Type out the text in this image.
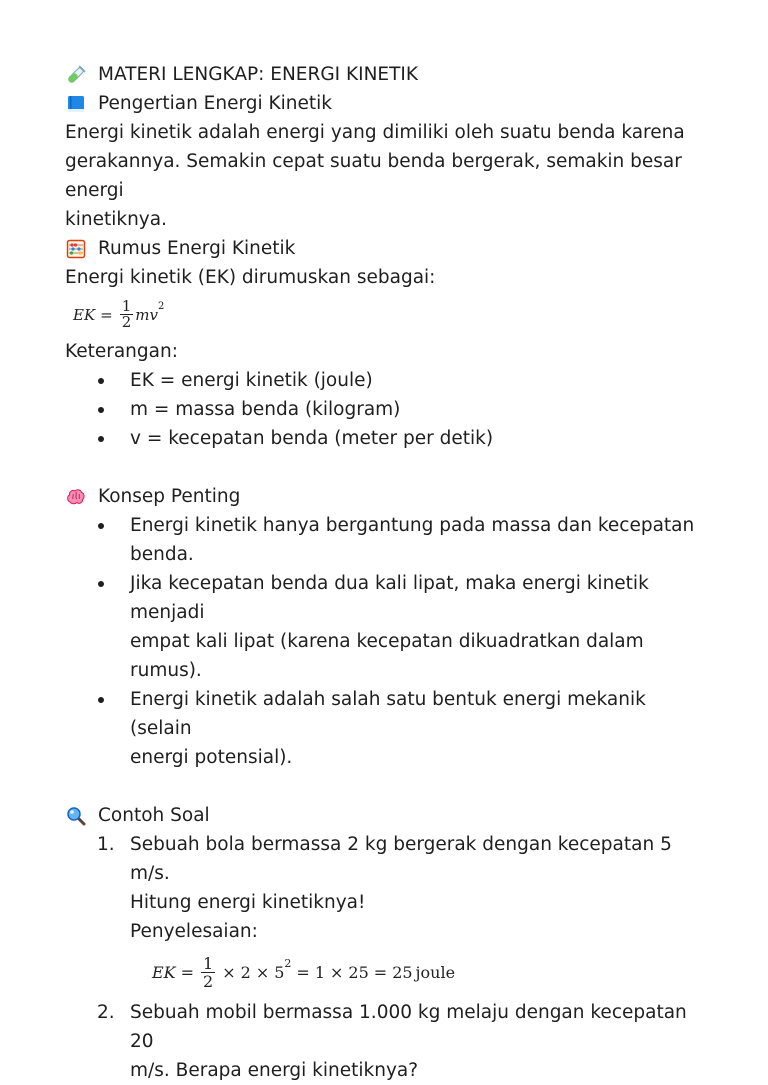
MATERI LENGKAP: ENERGI KINETIK
Pengertian Energi Kinetik

Energi kinetik adalah energi yang dimiliki oleh suatu benda karena

gerakannya. Semakin cepat suatu benda bergerak, semakin besar energi

kinetiknya.

Rumus Energi Kinetik

Energi kinetik (EK) dirumuskan sebagai:

EK = $\frac{1}{2}$ mv 2

Keterangan:

EK = energi kinetik (joule)
m = massa benda (kilogram)
v = kecepatan benda (meter per detik)
Konsep Penting
Energi kinetik hanya bergantung pada massa dan kecepatan
benda.
Jika kecepatan benda dua kali lipat, maka energi kinetik menjadi
empat kali lipat (karena kecepatan dikuadratkan dalam rumus).
Energi kinetik adalah salah satu bentuk energi mekanik (selain
energi potensial).
Contoh Soal
1. Sebuah bola bermassa 2 kg bergerak dengan kecepatan 5 m/s.
Hitung energi kinetiknya!
Penyelesaian:
EK = $\frac{1}{2} \times 2 \times 5$ 2 = 1 × 25 = 25 joule
2. Sebuah mobil bermassa 1.000 kg melaju dengan kecepatan 20
m/s. Berapa energi kinetiknya?
